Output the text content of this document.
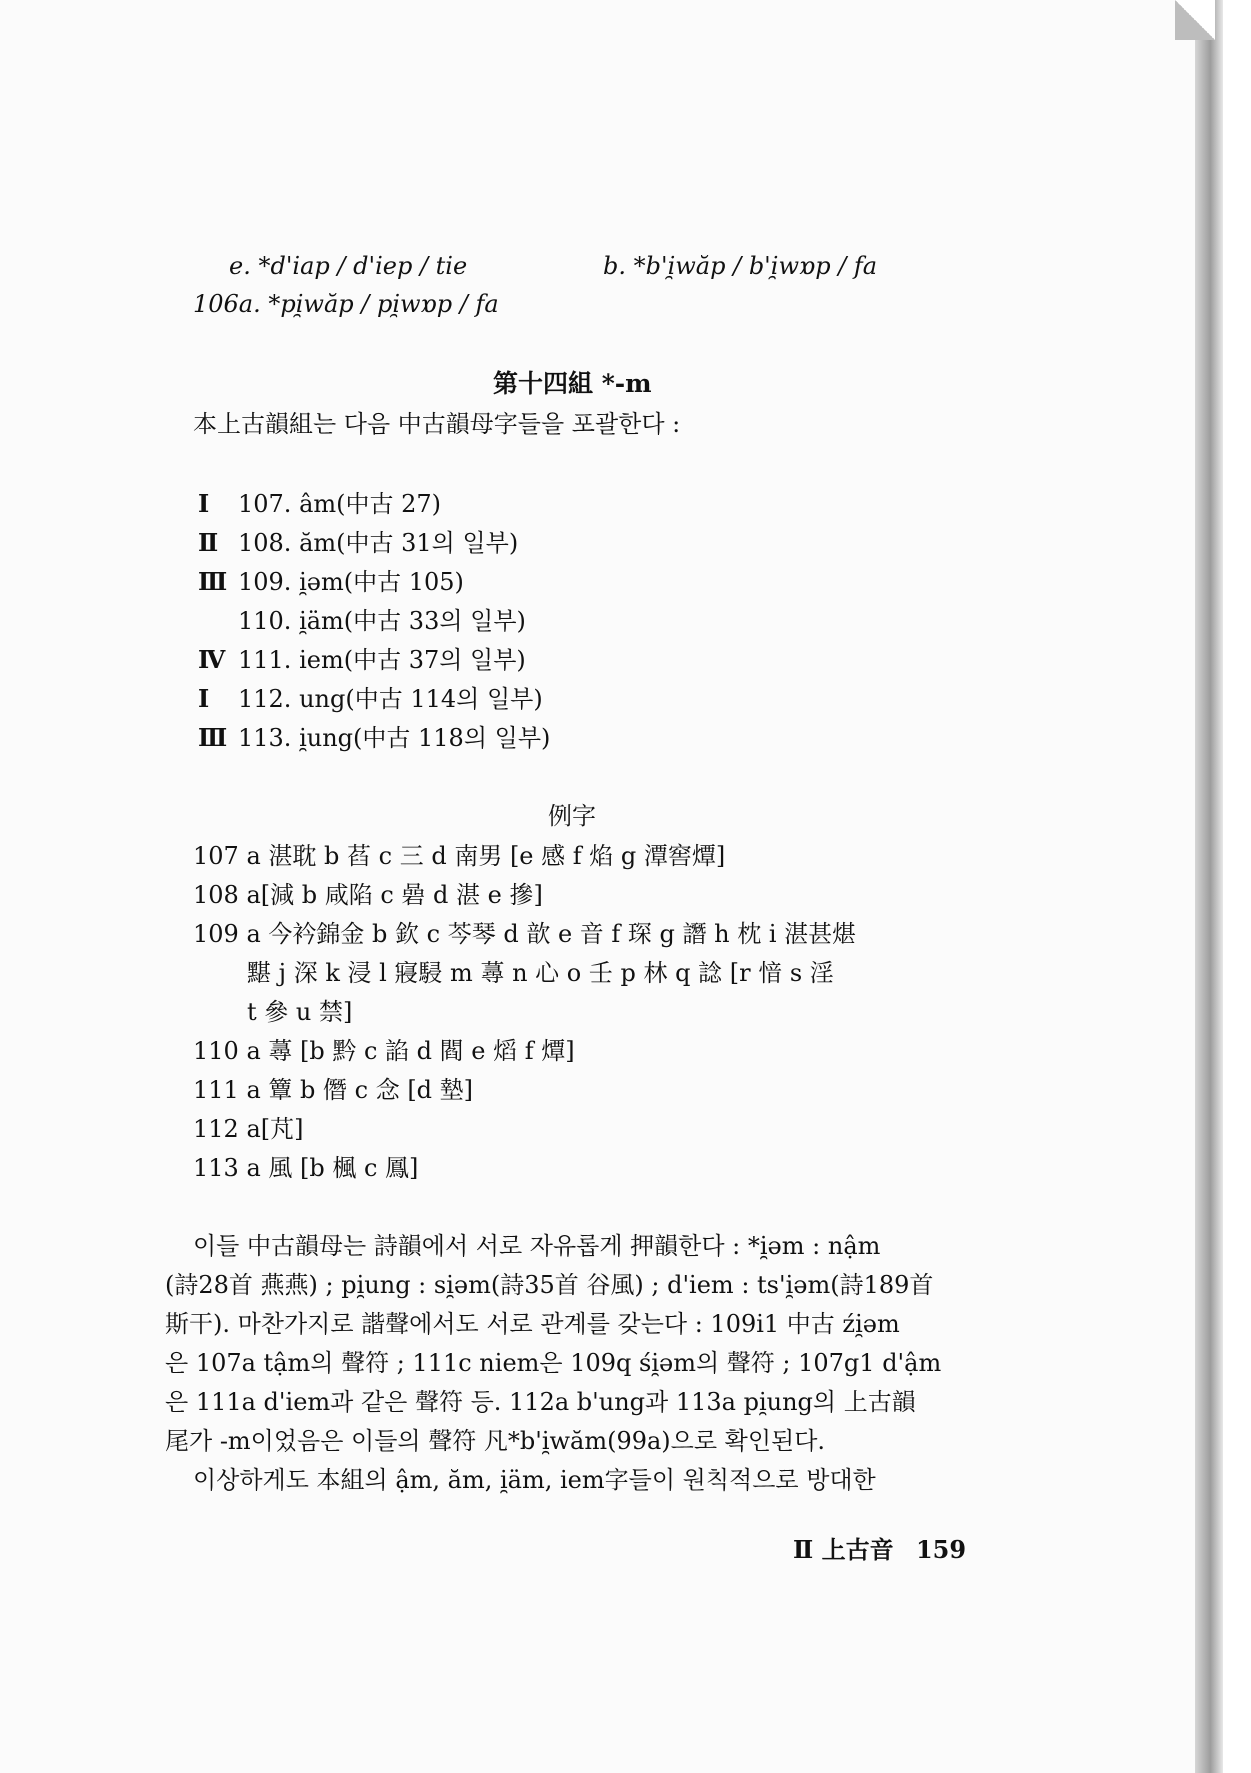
e. *d'iap / d'iep / tie	b. *b'i̯wăp / b'i̯wɒp / fa
106a. *pi̯wăp / pi̯wɒp / fa
第十四組 *-m
本上古韻組는 다음 中古韻母字들을 포괄한다 :
Ⅰ 107. âm(中古 27)
Ⅱ 108. ăm(中古 31의 일부)
Ⅲ 109. i̯əm(中古 105)
110. i̯äm(中古 33의 일부)
Ⅳ 111. iem(中古 37의 일부)
Ⅰ 112. ung(中古 114의 일부)
Ⅲ 113. i̯ung(中古 118의 일부)
例字
107 a 湛耽 b 萏 c 三 d 南男 [e 感 f 焰 g 潭窖燂]
108 a[減 b 咸陷 c 碞 d 湛 e 摻]
109 a 今衿錦金 b 欽 c 芩琴 d 歆 e 音 f 琛 g 譖 h 枕 i 湛甚煁
黮 j 深 k 浸 l 寢駸 m 蕁 n 心 o 壬 p 林 q 諗 [r 愔 s 淫
t 參 u 禁]
110 a 蕁 [b 黔 c 諂 d 閻 e 熖 f 燂]
111 a 簟 b 僭 c 念 [d 墊]
112 a[芃]
113 a 風 [b 楓 c 鳳]
이들 中古韻母는 詩韻에서 서로 자유롭게 押韻한다 : *i̯əm : nậm
(詩28首 燕燕) ; pi̯ung : si̯əm(詩35首 谷風) ; d'iem : ts'i̯əm(詩189首
斯干). 마찬가지로 諧聲에서도 서로 관계를 갖는다 : 109i1 中古 źi̯əm
은 107a tậm의 聲符 ; 111c niem은 109q śi̯əm의 聲符 ; 107g1 d'ậm
은 111a d'iem과 같은 聲符 등. 112a b'ung과 113a pi̯ung의 上古韻
尾가 -m이었음은 이들의 聲符 凡*b'i̯wăm(99a)으로 확인된다.
이상하게도 本組의 ậm, ăm, i̯äm, iem字들이 원칙적으로 방대한
Ⅱ 上古音 159
